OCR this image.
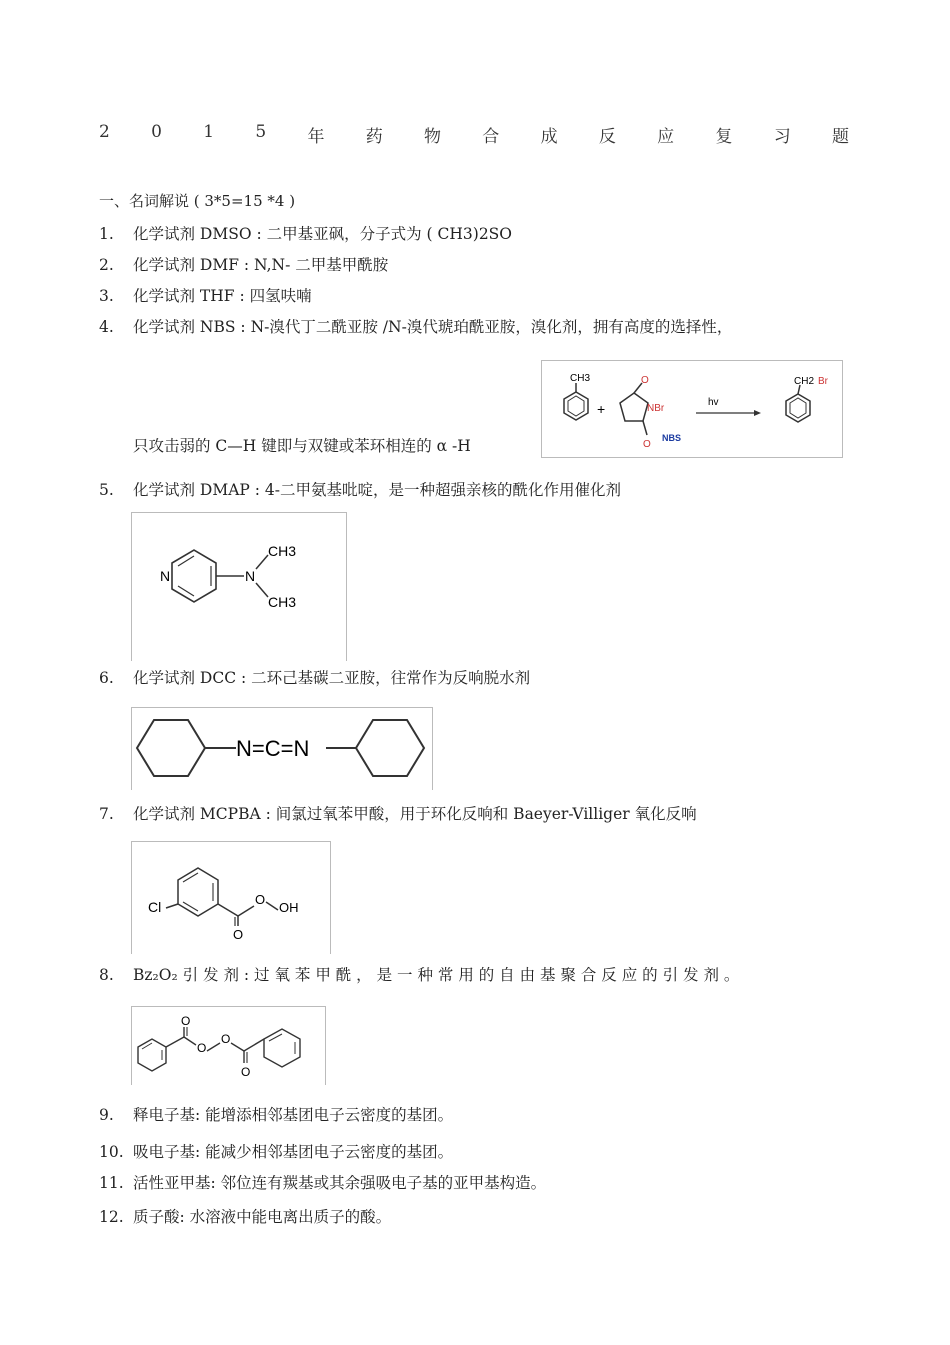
2 0 1 5 年 药 物 合 成 反 应 复 习 题
一、名词解说 ( 3*5=15 *4 )
1. 化学试剂 DMSO : 二甲基亚砜，分子式为 ( CH3)2SO
2. 化学试剂 DMF : N,N- 二甲基甲酰胺
3. 化学试剂 THF : 四氢呋喃
4. 化学试剂 NBS : N-溴代丁二酰亚胺 /N-溴代琥珀酰亚胺，溴化剂，拥有高度的选择性，
只攻击弱的 C—H 键即与双键或苯环相连的 α -H
CH3
+
O
NBr
O
NBS
hv
CH2 Br
5. 化学试剂 DMAP : 4-二甲氨基吡啶，是一种超强亲核的酰化作用催化剂
N	N
CH3
CH3
6. 化学试剂 DCC : 二环己基碳二亚胺，往常作为反响脱水剂
N=C=N
7. 化学试剂 MCPBA : 间氯过氧苯甲酸，用于环化反响和 Baeyer-Villiger 氧化反响
Cl
O
O
OH
8. Bz₂O₂ 引 发 剂 : 过 氧 苯 甲 酰 ， 是 一 种 常 用 的 自 由 基 聚 合 反 应 的 引 发 剂 。
O
O
O
O
9. 释电子基: 能增添相邻基团电子云密度的基团。
10. 吸电子基: 能减少相邻基团电子云密度的基团。
11. 活性亚甲基: 邻位连有羰基或其余强吸电子基的亚甲基构造。
12. 质子酸: 水溶液中能电离出质子的酸。
